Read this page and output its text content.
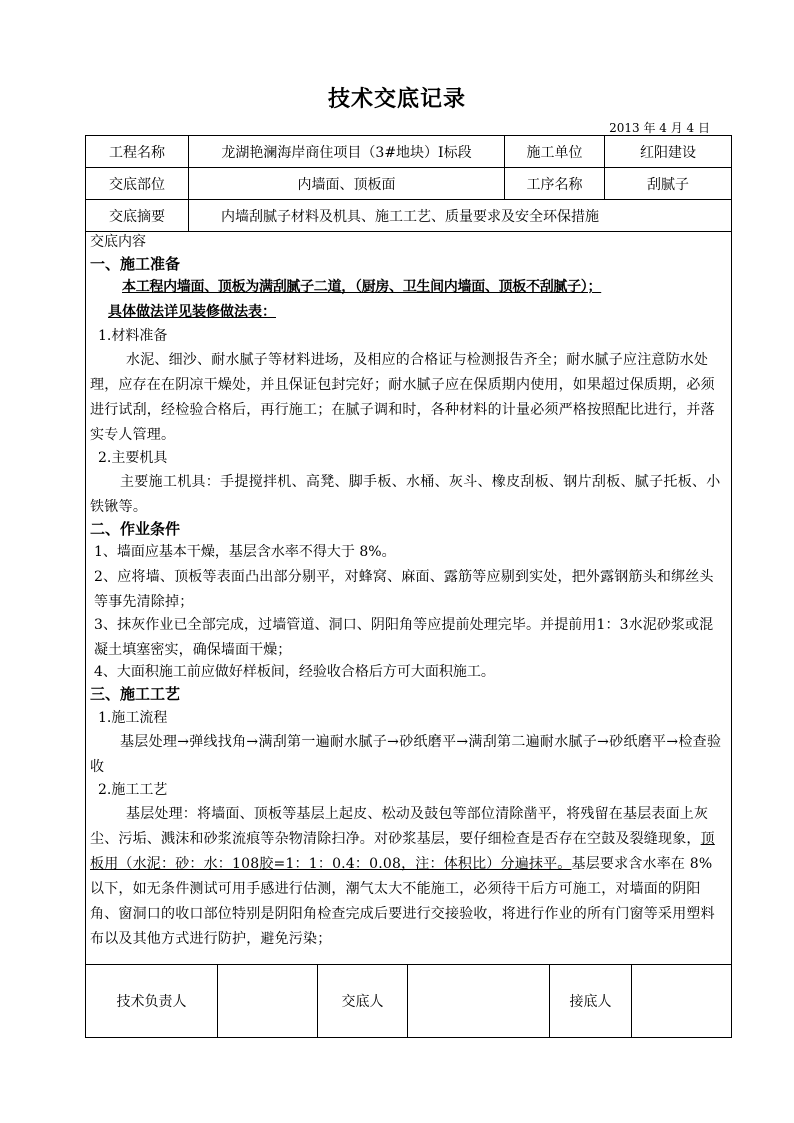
技术交底记录
2013 年 4 月 4 日
工程名称	龙湖艳澜海岸商住项目（3#地块）Ⅰ标段	施工单位	红阳建设
交底部位	内墙面、顶板面	工序名称	刮腻子
交底摘要	内墙刮腻子材料及机具、施工工艺、质量要求及安全环保措施
交底内容
一、施工准备
本工程内墙面、顶板为满刮腻子二道，（厨房、卫生间内墙面、顶板不刮腻子）；
具体做法详见装修做法表：
1.材料准备
水泥、细沙、耐水腻子等材料进场，及相应的合格证与检测报告齐全；耐水腻子应注意防水处理，应存在在阴凉干燥处，并且保证包封完好；耐水腻子应在保质期内使用，如果超过保质期，必须进行试刮，经检验合格后，再行施工；在腻子调和时，各种材料的计量必须严格按照配比进行，并落实专人管理。
2.主要机具
主要施工机具：手提搅拌机、高凳、脚手板、水桶、灰斗、橡皮刮板、钢片刮板、腻子托板、小铁锹等。
二、作业条件
1、墙面应基本干燥，基层含水率不得大于 8%。
2、应将墙、顶板等表面凸出部分剔平，对蜂窝、麻面、露筋等应剔到实处，把外露钢筋头和绑丝头等事先清除掉；
3、抹灰作业已全部完成，过墙管道、洞口、阴阳角等应提前处理完毕。并提前用1：3水泥砂浆或混凝土填塞密实，确保墙面干燥；
4、大面积施工前应做好样板间，经验收合格后方可大面积施工。
三、施工工艺
1.施工流程
基层处理→弹线找角→满刮第一遍耐水腻子→砂纸磨平→满刮第二遍耐水腻子→砂纸磨平→检查验收
2.施工工艺
基层处理：将墙面、顶板等基层上起皮、松动及鼓包等部位清除凿平，将残留在基层表面上灰尘、污垢、溅沫和砂浆流痕等杂物清除扫净。对砂浆基层，要仔细检查是否存在空鼓及裂缝现象，顶板用（水泥：砂：水：108胶=1：1：0.4：0.08，注：体积比）分遍抹平。基层要求含水率在 8%以下，如无条件测试可用手感进行估测，潮气太大不能施工，必须待干后方可施工，对墙面的阴阳角、窗洞口的收口部位特别是阴阳角检查完成后要进行交接验收，将进行作业的所有门窗等采用塑料布以及其他方式进行防护，避免污染；
技术负责人	交底人	接底人
